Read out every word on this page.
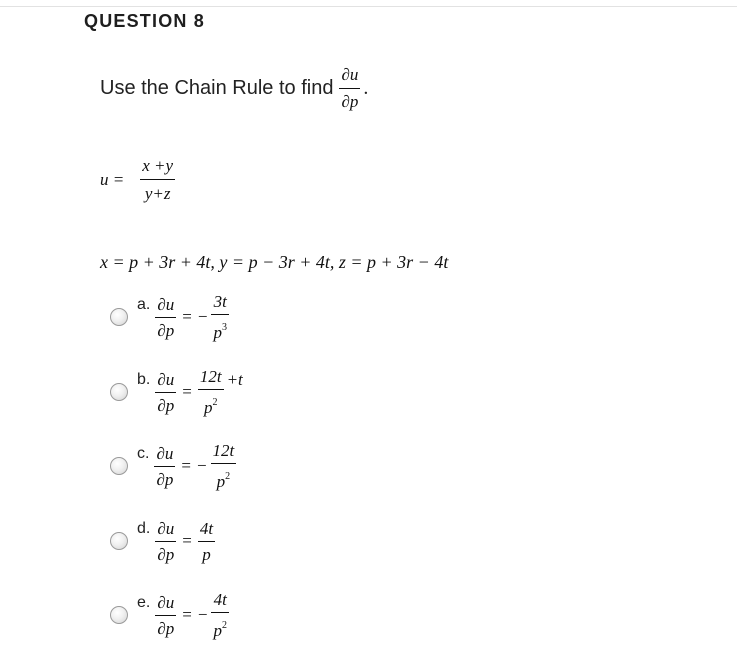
QUESTION 8
Use the Chain Rule to find $\frac{\partial u}{\partial p}$ .
$u = \frac{x +y}{y+z}$
x = p + 3r + 4t, y = p − 3r + 4t, z = p + 3r − 4t
a. $\frac{\partial u}{\partial p}$ = − $\frac{3t}{p^3}$
b. $\frac{\partial u}{\partial p} = \frac{12t}{p^2} +t$
c. $\frac{\partial u}{\partial p}$ = − $\frac{12t}{p^2}$
d. $\frac{\partial u}{\partial p} = \frac{4t}{p}$
e. $\frac{\partial u}{\partial p}$ = − $\frac{4t}{p^2}$
